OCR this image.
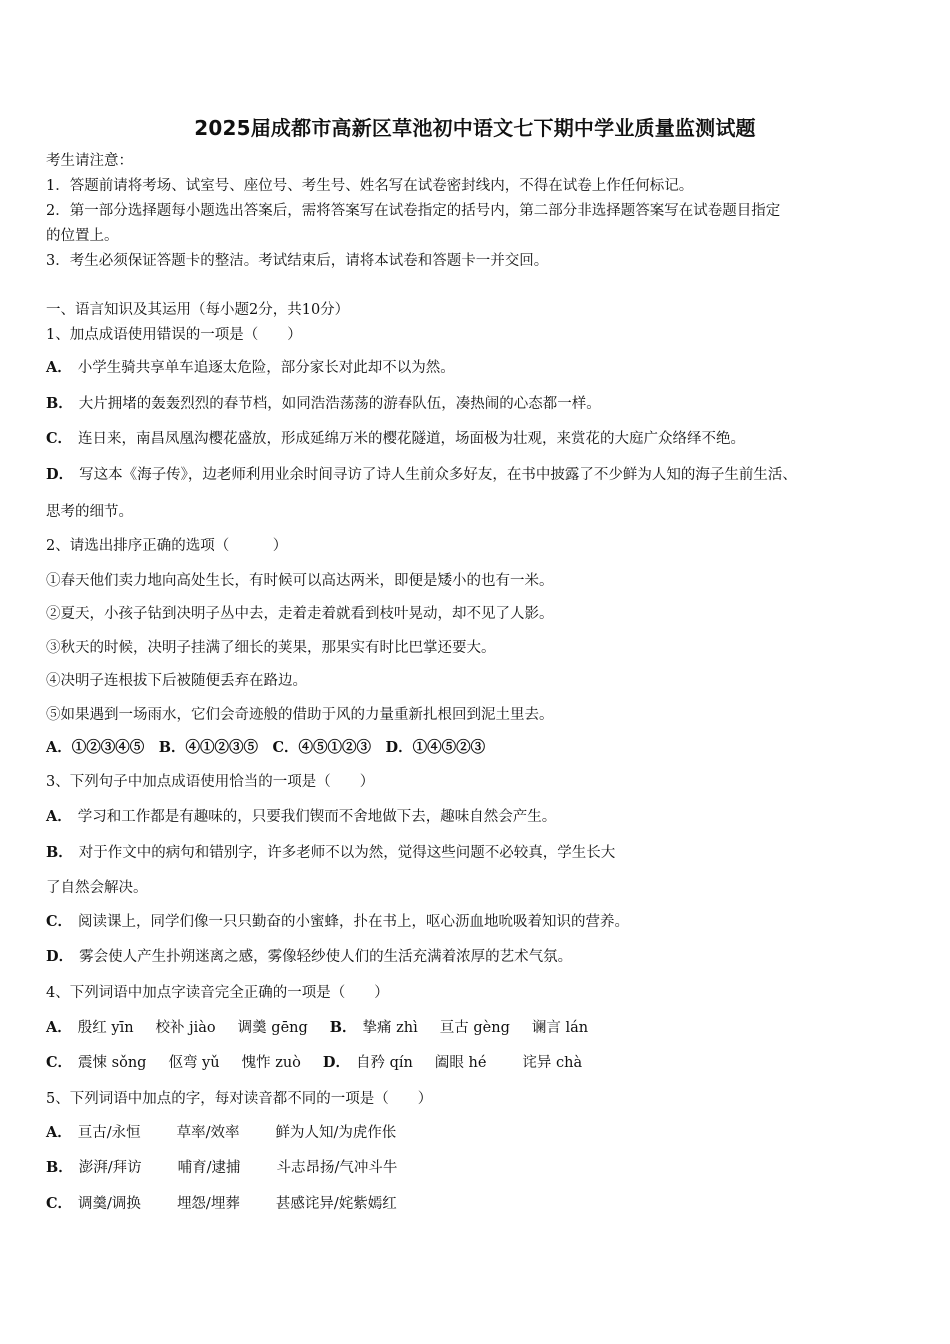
2025届成都市高新区草池初中语文七下期中学业质量监测试题
考生请注意：
1．答题前请将考场、试室号、座位号、考生号、姓名写在试卷密封线内，不得在试卷上作任何标记。
2．第一部分选择题每小题选出答案后，需将答案写在试卷指定的括号内，第二部分非选择题答案写在试卷题目指定
的位置上。
3．考生必须保证答题卡的整洁。考试结束后，请将本试卷和答题卡一并交回。
一、语言知识及其运用（每小题2分，共10分）
1、加点成语使用错误的一项是（　　）
A． 小学生骑共享单车追逐太危险，部分家长对此却不以为然。
B． 大片拥堵的轰轰烈烈的春节档，如同浩浩荡荡的游春队伍，凑热闹的心态都一样。
C． 连日来，南昌凤凰沟樱花盛放，形成延绵万米的樱花隧道，场面极为壮观，来赏花的大庭广众络绎不绝。
D． 写这本《海子传》，边老师利用业余时间寻访了诗人生前众多好友，在书中披露了不少鲜为人知的海子生前生活、
思考的细节。
2、请选出排序正确的选项（　　　）
①春天他们卖力地向高处生长，有时候可以高达两米，即便是矮小的也有一米。
②夏天，小孩子钻到决明子丛中去，走着走着就看到枝叶晃动，却不见了人影。
③秋天的时候，决明子挂满了细长的荚果，那果实有时比巴掌还要大。
④决明子连根拔下后被随便丢弃在路边。
⑤如果遇到一场雨水，它们会奇迹般的借助于风的力量重新扎根回到泥土里去。
A．①②③④⑤　B．④①②③⑤　C．④⑤①②③　D．①④⑤②③
3、下列句子中加点成语使用恰当的一项是（　　）
A． 学习和工作都是有趣味的，只要我们锲而不舍地做下去，趣味自然会产生。
B． 对于作文中的病句和错别字，许多老师不以为然，觉得这些问题不必较真，学生长大
了自然会解决。
C． 阅读课上，同学们像一只只勤奋的小蜜蜂，扑在书上，呕心沥血地吮吸着知识的营养。
D． 雾会使人产生扑朔迷离之感，雾像轻纱使人们的生活充满着浓厚的艺术气氛。
4、下列词语中加点字读音完全正确的一项是（　　）
A． 殷红 yīn 校补 jiào 调羹 gēng B． 挚痛 zhì 亘古 gèng 谰言 lán
C． 震悚 sǒng 伛弯 yǔ 愧怍 zuò D． 自矜 qín 阖眼 hé 诧异 chà
5、下列词语中加点的字，每对读音都不同的一项是（　　）
A． 亘古/永恒 草率/效率 鲜为人知/为虎作伥
B． 澎湃/拜访 哺育/逮捕 斗志昂扬/气冲斗牛
C． 调羹/调换 埋怨/埋葬 甚感诧异/姹紫嫣红
